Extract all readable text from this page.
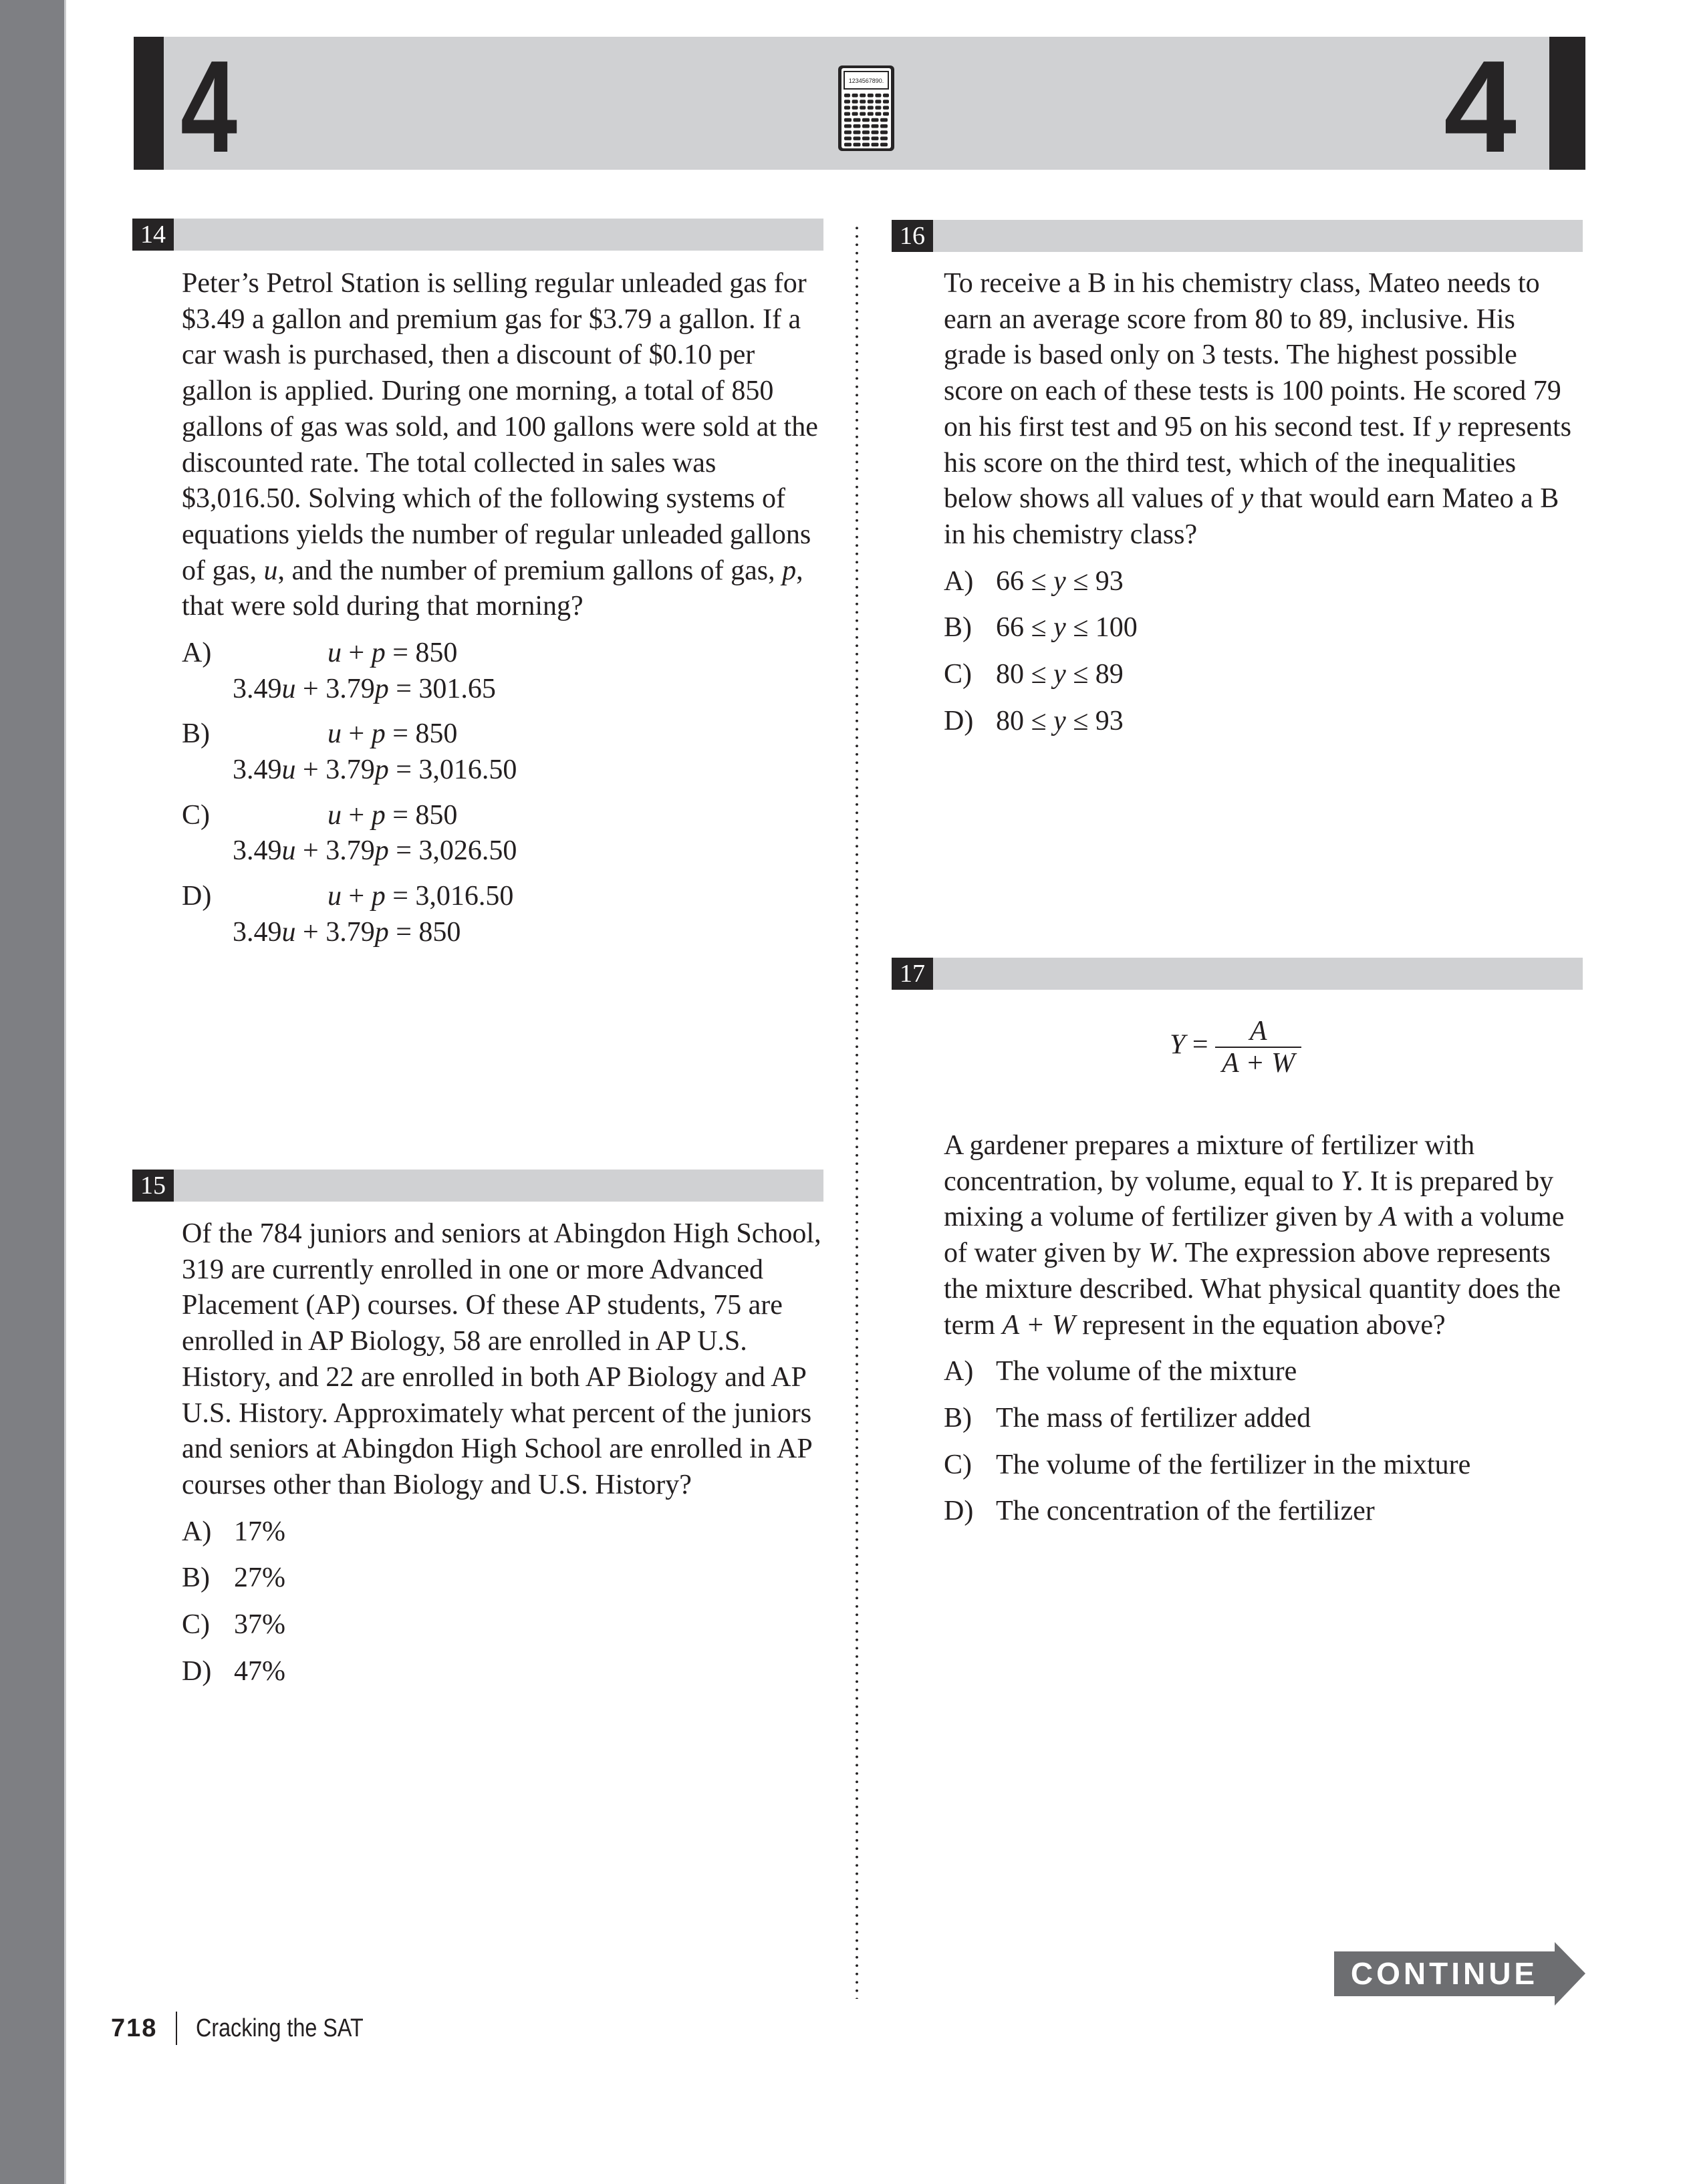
4	4
1234567890.
14
Peter’s Petrol Station is selling regular unleaded gas for $3.49 a gallon and premium gas for $3.79 a gallon. If a car wash is purchased, then a discount of $0.10 per gallon is applied. During one morning, a total of 850 gallons of gas was sold, and 100 gallons were sold at the discounted rate. The total collected in sales was $3,016.50. Solving which of the following systems of equations yields the number of regular unleaded gallons of gas, u, and the number of premium gallons of gas, p, that were sold during that morning?
A)	u + p = 850
3.49u + 3.79p = 301.65
B)	u + p = 850
3.49u + 3.79p = 3,016.50
C)	u + p = 850
3.49u + 3.79p = 3,026.50
D)	u + p = 3,016.50
3.49u + 3.79p = 850
15
Of the 784 juniors and seniors at Abingdon High School, 319 are currently enrolled in one or more Advanced Placement (AP) courses. Of these AP students, 75 are enrolled in AP Biology, 58 are enrolled in AP U.S. History, and 22 are enrolled in both AP Biology and AP U.S. History. Approximately what percent of the juniors and seniors at Abingdon High School are enrolled in AP courses other than Biology and U.S. History?
A) 17%
B) 27%
C) 37%
D) 47%
16
To receive a B in his chemistry class, Mateo needs to earn an average score from 80 to 89, inclusive. His grade is based only on 3 tests. The highest possible score on each of these tests is 100 points. He scored 79 on his first test and 95 on his second test. If y represents his score on the third test, which of the inequalities below shows all values of y that would earn Mateo a B in his chemistry class?
A) 66 ≤ y ≤ 93
B) 66 ≤ y ≤ 100
C) 80 ≤ y ≤ 89
D) 80 ≤ y ≤ 93
17
$Y = \frac{A}{A + W}$
A gardener prepares a mixture of fertilizer with concentration, by volume, equal to Y. It is prepared by mixing a volume of fertilizer given by A with a volume of water given by W. The expression above represents the mixture described. What physical quantity does the term A + W represent in the equation above?
A) The volume of the mixture
B) The mass of fertilizer added
C) The volume of the fertilizer in the mixture
D) The concentration of the fertilizer
CONTINUE
718 Cracking the SAT
